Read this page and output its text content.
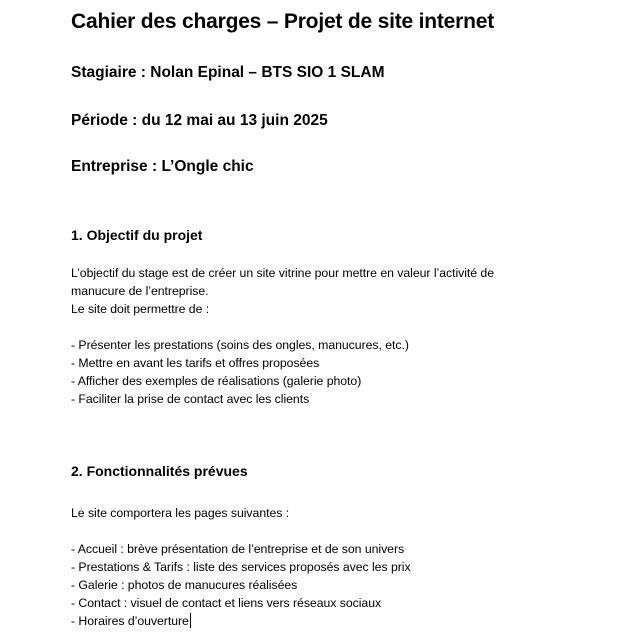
Cahier des charges – Projet de site internet
Stagiaire : Nolan Epinal – BTS SIO 1 SLAM
Période : du 12 mai au 13 juin 2025
Entreprise : L’Ongle chic
1. Objectif du projet
L’objectif du stage est de créer un site vitrine pour mettre en valeur l’activité de
manucure de l’entreprise.
Le site doit permettre de :
- Présenter les prestations (soins des ongles, manucures, etc.)
- Mettre en avant les tarifs et offres proposées
- Afficher des exemples de réalisations (galerie photo)
- Faciliter la prise de contact avec les clients
2. Fonctionnalités prévues
Le site comportera les pages suivantes :
- Accueil : brève présentation de l’entreprise et de son univers
- Prestations & Tarifs : liste des services proposés avec les prix
- Galerie : photos de manucures réalisées
- Contact : visuel de contact et liens vers réseaux sociaux
- Horaires d’ouverture
